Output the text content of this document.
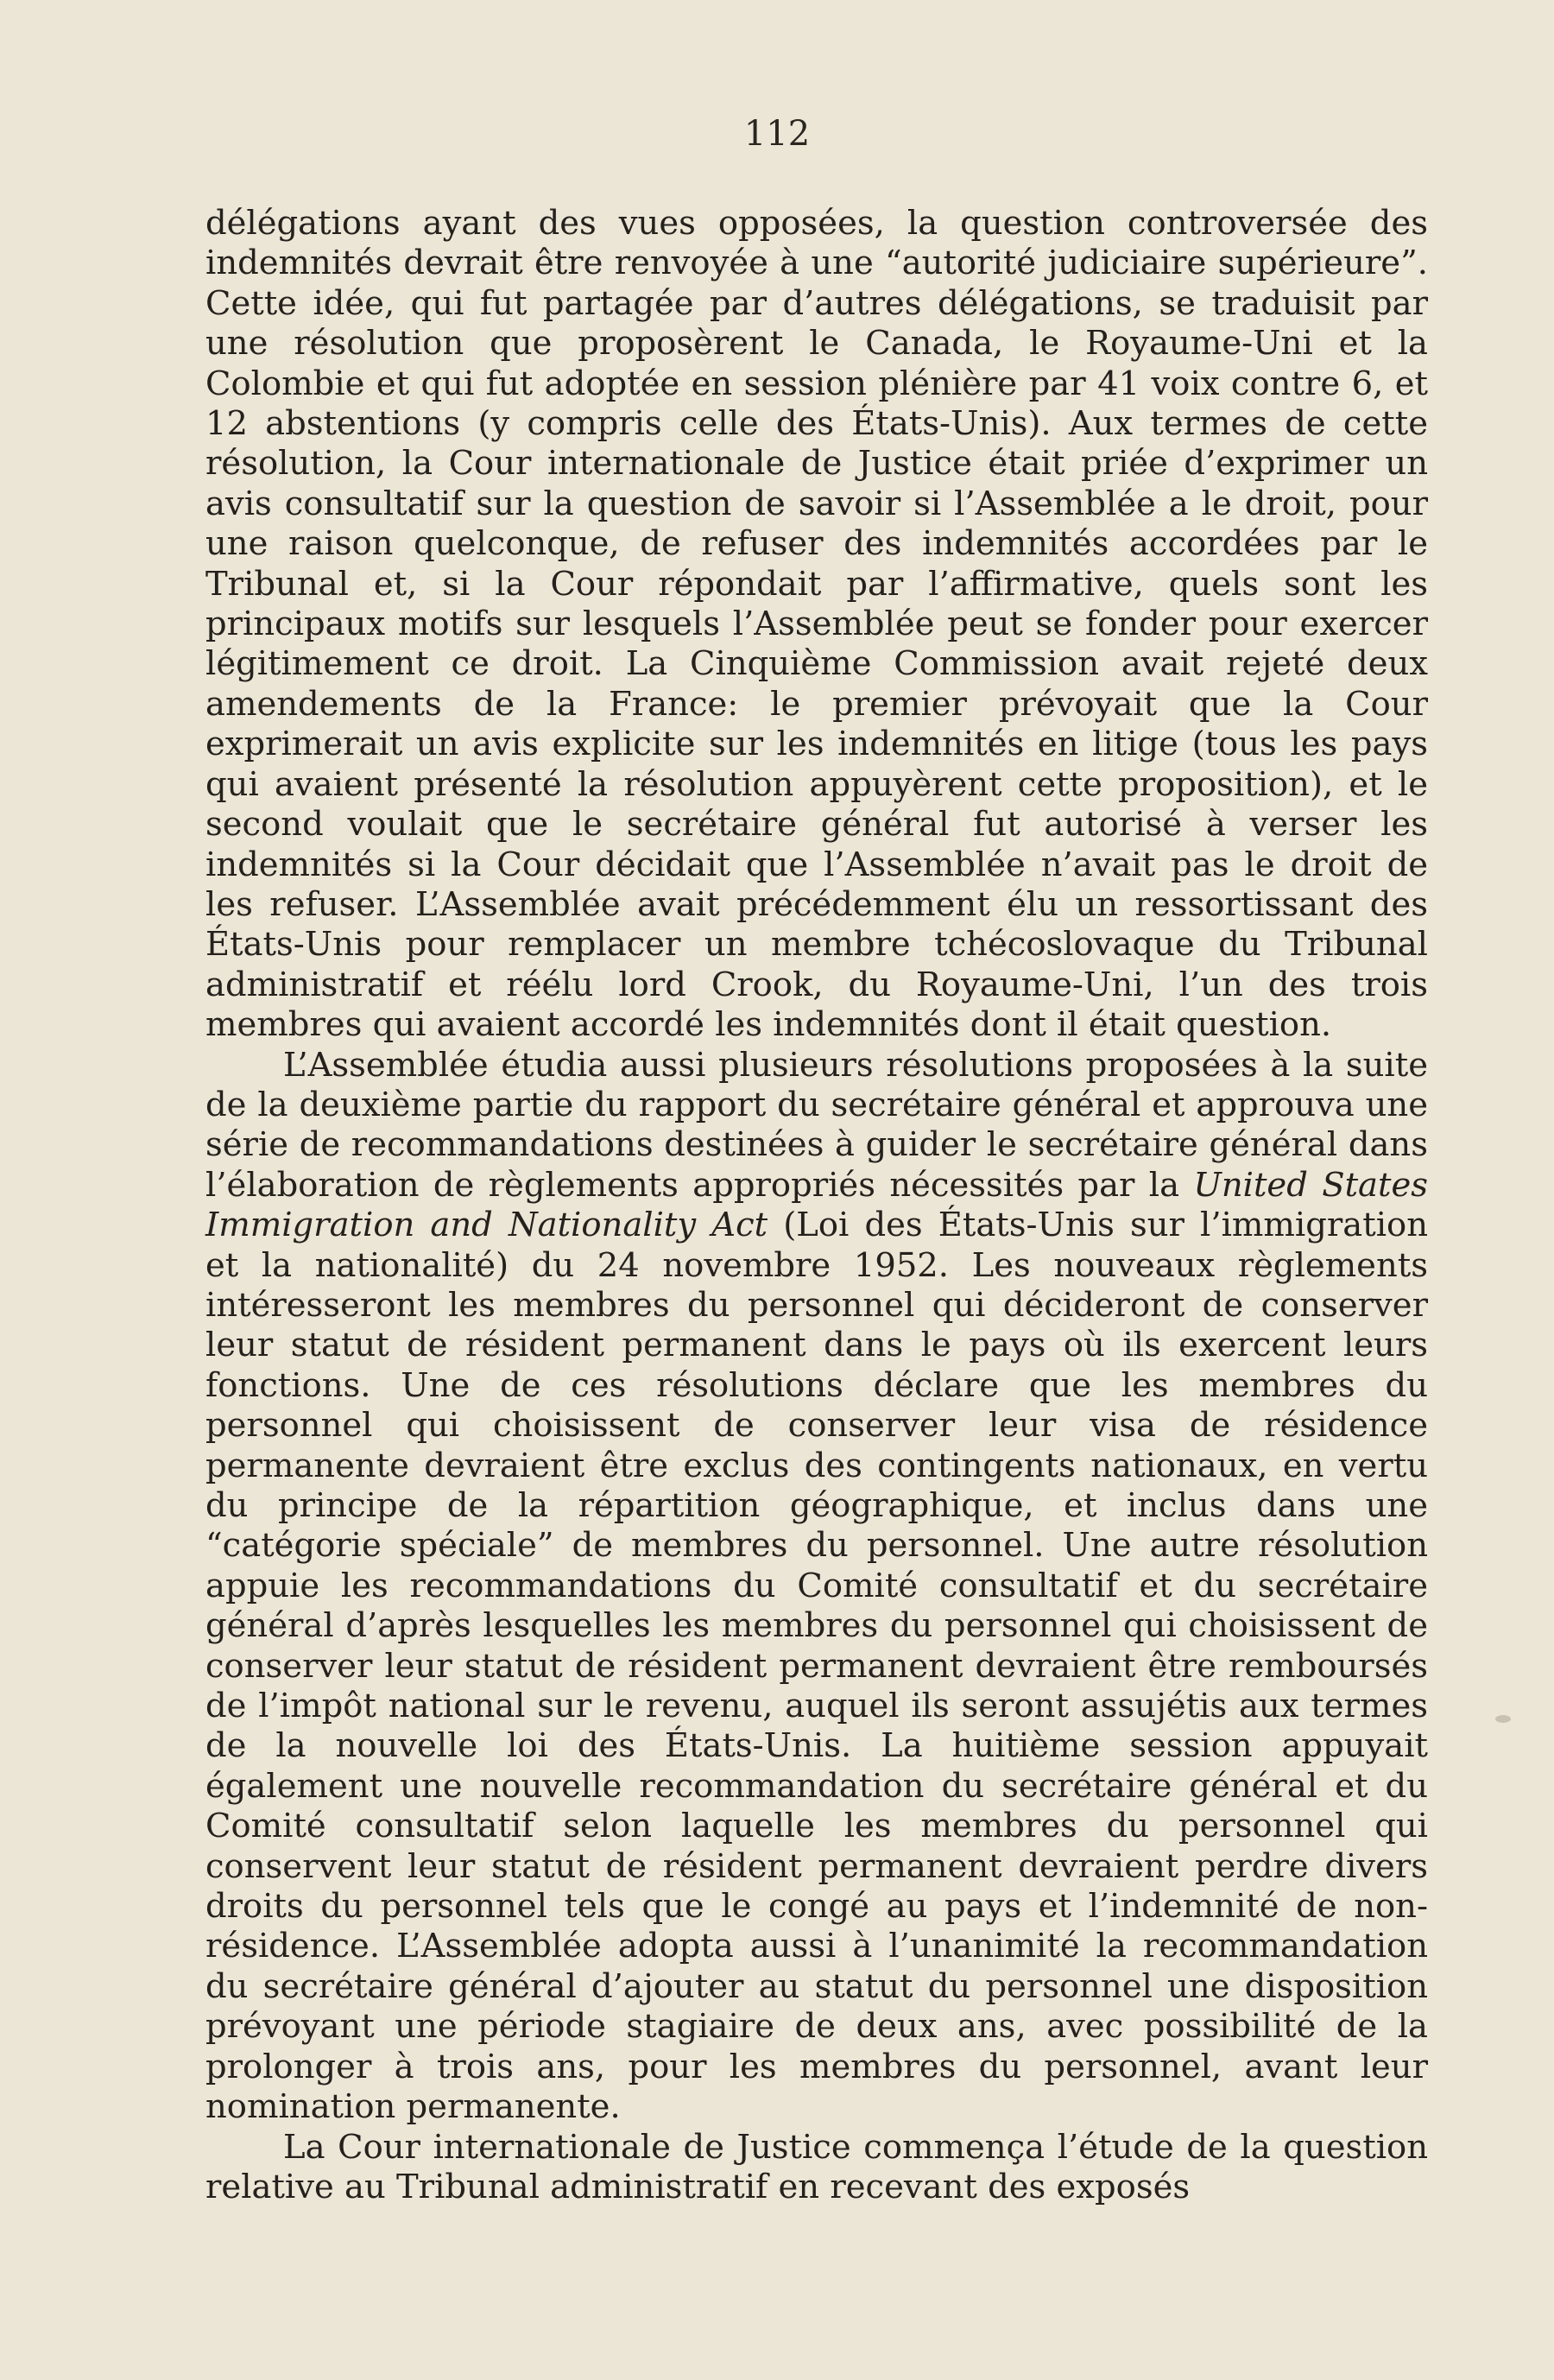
112

délégations ayant des vues opposées, la question controversée des indemnités devrait être renvoyée à une “autorité judiciaire supérieure”. Cette idée, qui fut partagée par d’autres délégations, se traduisit par une résolution que proposèrent le Canada, le Royaume-Uni et la Colombie et qui fut adoptée en session plénière par 41 voix contre 6, et 12 abstentions (y compris celle des États-Unis). Aux termes de cette résolution, la Cour internationale de Justice était priée d’exprimer un avis consultatif sur la question de savoir si l’Assemblée a le droit, pour une raison quelconque, de refuser des indemnités accordées par le Tribunal et, si la Cour répondait par l’affirmative, quels sont les principaux motifs sur lesquels l’Assemblée peut se fonder pour exercer légitimement ce droit. La Cinquième Commission avait rejeté deux amendements de la France: le premier prévoyait que la Cour exprimerait un avis explicite sur les indemnités en litige (tous les pays qui avaient présenté la résolution appuyèrent cette proposition), et le second voulait que le secrétaire général fut autorisé à verser les indemnités si la Cour décidait que l’Assemblée n’avait pas le droit de les refuser. L’Assemblée avait précédemment élu un ressortissant des États-Unis pour remplacer un membre tchécoslovaque du Tribunal administratif et réélu lord Crook, du Royaume-Uni, l’un des trois membres qui avaient accordé les indemnités dont il était question.

L’Assemblée étudia aussi plusieurs résolutions proposées à la suite de la deuxième partie du rapport du secrétaire général et approuva une série de recommandations destinées à guider le secrétaire général dans l’élaboration de règlements appropriés nécessités par la United States Immigration and Nationality Act (Loi des États-Unis sur l’immigration et la nationalité) du 24 novembre 1952. Les nouveaux règlements intéresseront les membres du personnel qui décideront de conserver leur statut de résident permanent dans le pays où ils exercent leurs fonctions. Une de ces résolutions déclare que les membres du personnel qui choisissent de conserver leur visa de résidence permanente devraient être exclus des contingents nationaux, en vertu du principe de la répartition géographique, et inclus dans une “catégorie spéciale” de membres du personnel. Une autre résolution appuie les recommandations du Comité consultatif et du secrétaire général d’après lesquelles les membres du personnel qui choisissent de conserver leur statut de résident permanent devraient être remboursés de l’impôt national sur le revenu, auquel ils seront assujétis aux termes de la nouvelle loi des États-Unis. La huitième session appuyait également une nouvelle recommandation du secrétaire général et du Comité consultatif selon laquelle les membres du personnel qui conservent leur statut de résident permanent devraient perdre divers droits du personnel tels que le congé au pays et l’indemnité de non-résidence. L’Assemblée adopta aussi à l’unanimité la recommandation du secrétaire général d’ajouter au statut du personnel une disposition prévoyant une période stagiaire de deux ans, avec possibilité de la prolonger à trois ans, pour les membres du personnel, avant leur nomination permanente.

La Cour internationale de Justice commença l’étude de la question relative au Tribunal administratif en recevant des exposés
